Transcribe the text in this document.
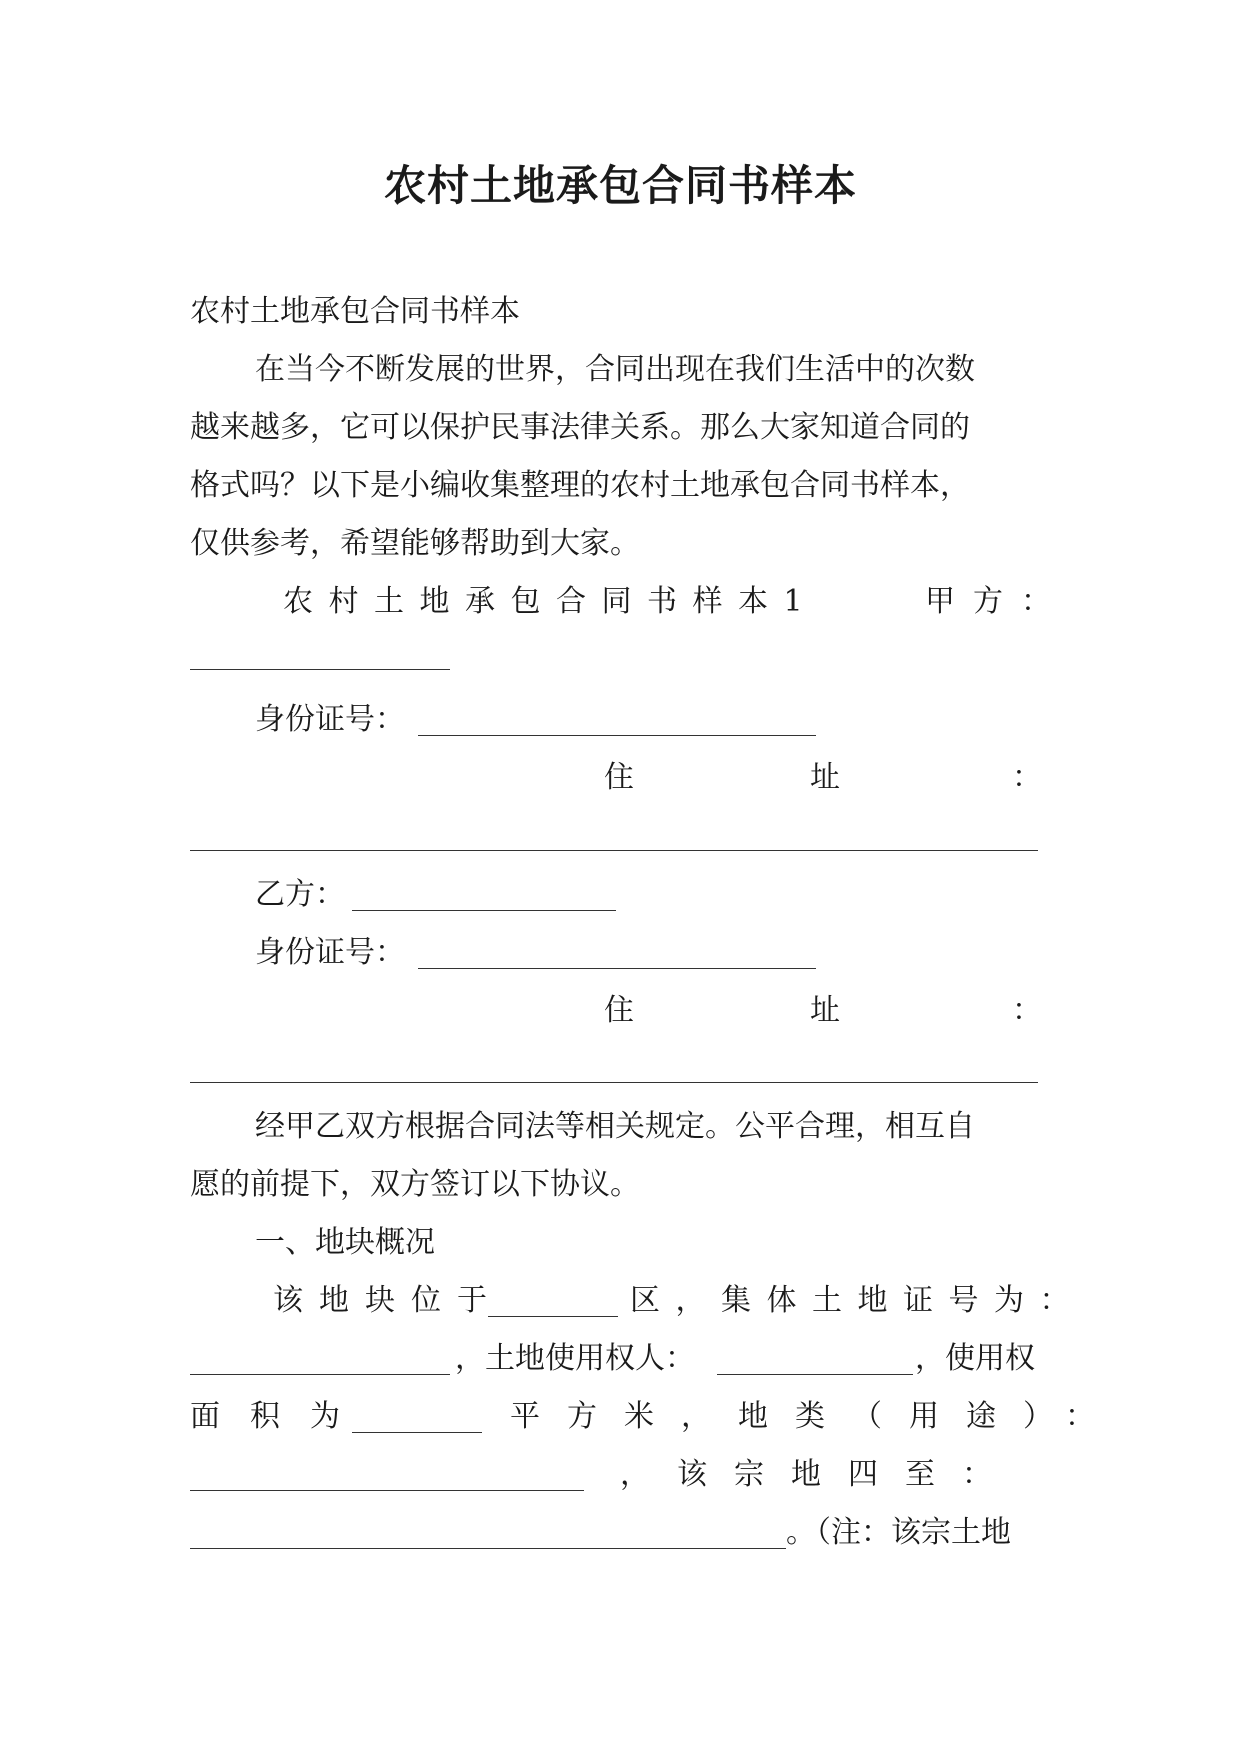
农村土地承包合同书样本
农村土地承包合同书样本
在当今不断发展的世界，合同出现在我们生活中的次数
越来越多，它可以保护民事法律关系。那么大家知道合同的
格式吗？以下是小编收集整理的农村土地承包合同书样本，
仅供参考，希望能够帮助到大家。
农村土地承包合同书样本1	甲方：
身份证号：
住	址	：
乙方：
身份证号：
住	址	：
经甲乙双方根据合同法等相关规定。公平合理，相互自
愿的前提下，双方签订以下协议。
一、地块概况
该地块位于	区，集体土地证号为：
，土地使用权人：	，使用权
面积为	平方米，地类（用途）：
，该宗地四至：
。（注：该宗土地
